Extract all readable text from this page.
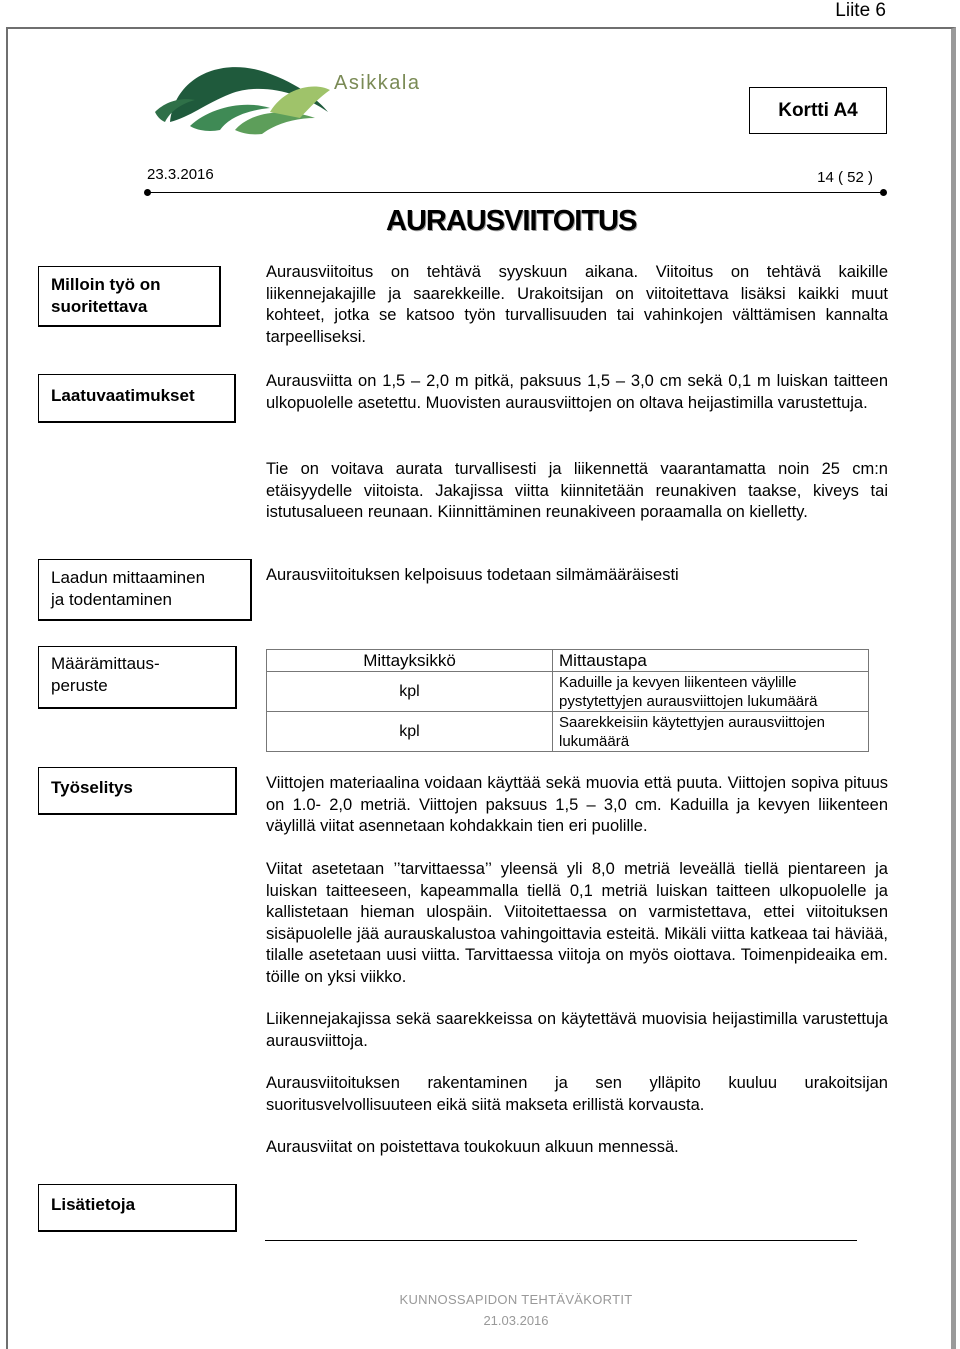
Liite 6
Asikkala
Kortti A4
23.3.2016	14 ( 52 )
AURAUSVIITOITUS
Milloin työ on
suoritettava
Laatuvaatimukset
Laadun mittaaminen
ja todentaminen
Määrämittaus-
peruste
Työselitys
Lisätietoja
Aurausviitoitus on tehtävä syyskuun aikana. Viitoitus on tehtävä kaikille liikennejakajille ja saarekkeille. Urakoitsijan on viitoitettava lisäksi kaikki muut kohteet, jotka se katsoo työn turvallisuuden tai vahinkojen välttämisen kannalta tarpeelliseksi.
Aurausviitta on 1,5 – 2,0 m pitkä, paksuus 1,5 – 3,0 cm sekä 0,1 m luiskan taitteen ulkopuolelle asetettu. Muovisten aurausviittojen on oltava heijastimilla varustettuja.
Tie on voitava aurata turvallisesti ja liikennettä vaarantamatta noin 25 cm:n etäisyydelle viitoista. Jakajissa viitta kiinnitetään reunakiven taakse, kiveys tai istutusalueen reunaan. Kiinnittäminen reunakiveen poraamalla on kielletty.
Aurausviitoituksen kelpoisuus todetaan silmämääräisesti
Mittayksikkö	Mittaustapa
kpl	Kaduille ja kevyen liikenteen väylille
pystytettyjen aurausviittojen lukumäärä

kpl	Saarekkeisiin käytettyjen aurausviittojen
lukumäärä
Viittojen materiaalina voidaan käyttää sekä muovia että puuta. Viittojen sopiva pituus on 1.0- 2,0 metriä. Viittojen paksuus 1,5 – 3,0 cm. Kaduilla ja kevyen liikenteen väylillä viitat asennetaan kohdakkain tien eri puolille.
Viitat asetetaan ’’tarvittaessa’’ yleensä yli 8,0 metriä leveällä tiellä pientareen ja luiskan taitteeseen, kapeammalla tiellä 0,1 metriä luiskan taitteen ulkopuolelle ja kallistetaan hieman ulospäin. Viitoitettaessa on varmistettava, ettei viitoituksen sisäpuolelle jää aurauskalustoa vahingoittavia esteitä. Mikäli viitta katkeaa tai häviää, tilalle asetetaan uusi viitta. Tarvittaessa viitoja on myös oiottava. Toimenpideaika em. töille on yksi viikko.
Liikennejakajissa sekä saarekkeissa on käytettävä muovisia heijastimilla varustettuja aurausviittoja.
Aurausviitoituksen rakentaminen ja sen ylläpito kuuluu urakoitsijan suoritusvelvollisuuteen eikä siitä makseta erillistä korvausta.
Aurausviitat on poistettava toukokuun alkuun mennessä.
KUNNOSSAPIDON TEHTÄVÄKORTIT
21.03.2016
